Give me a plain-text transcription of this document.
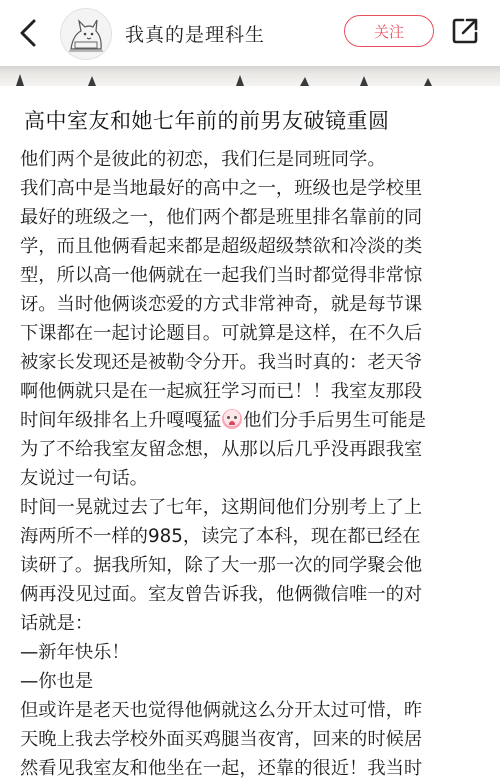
我真的是理科生	关注
高中室友和她七年前的前男友破镜重圆
他们两个是彼此的初恋，我们仨是同班同学。
我们高中是当地最好的高中之一，班级也是学校里
最好的班级之一，他们两个都是班里排名靠前的同
学，而且他俩看起来都是超级超级禁欲和冷淡的类
型，所以高一他俩就在一起我们当时都觉得非常惊
讶。当时他俩谈恋爱的方式非常神奇，就是每节课
下课都在一起讨论题目。可就算是这样，在不久后
被家长发现还是被勒令分开。我当时真的：老天爷
啊他俩就只是在一起疯狂学习而已！！我室友那段
时间年级排名上升嘎嘎猛 他们分手后男生可能是
为了不给我室友留念想，从那以后几乎没再跟我室
友说过一句话。
时间一晃就过去了七年，这期间他们分别考上了上
海两所不一样的985，读完了本科，现在都已经在
读研了。据我所知，除了大一那一次的同学聚会他
俩再没见过面。室友曾告诉我，他俩微信唯一的对
话就是：
—新年快乐！
—你也是
但或许是老天也觉得他俩就这么分开太过可惜，昨
天晚上我去学校外面买鸡腿当夜宵，回来的时候居
然看见我室友和他坐在一起，还靠的很近！我当时
